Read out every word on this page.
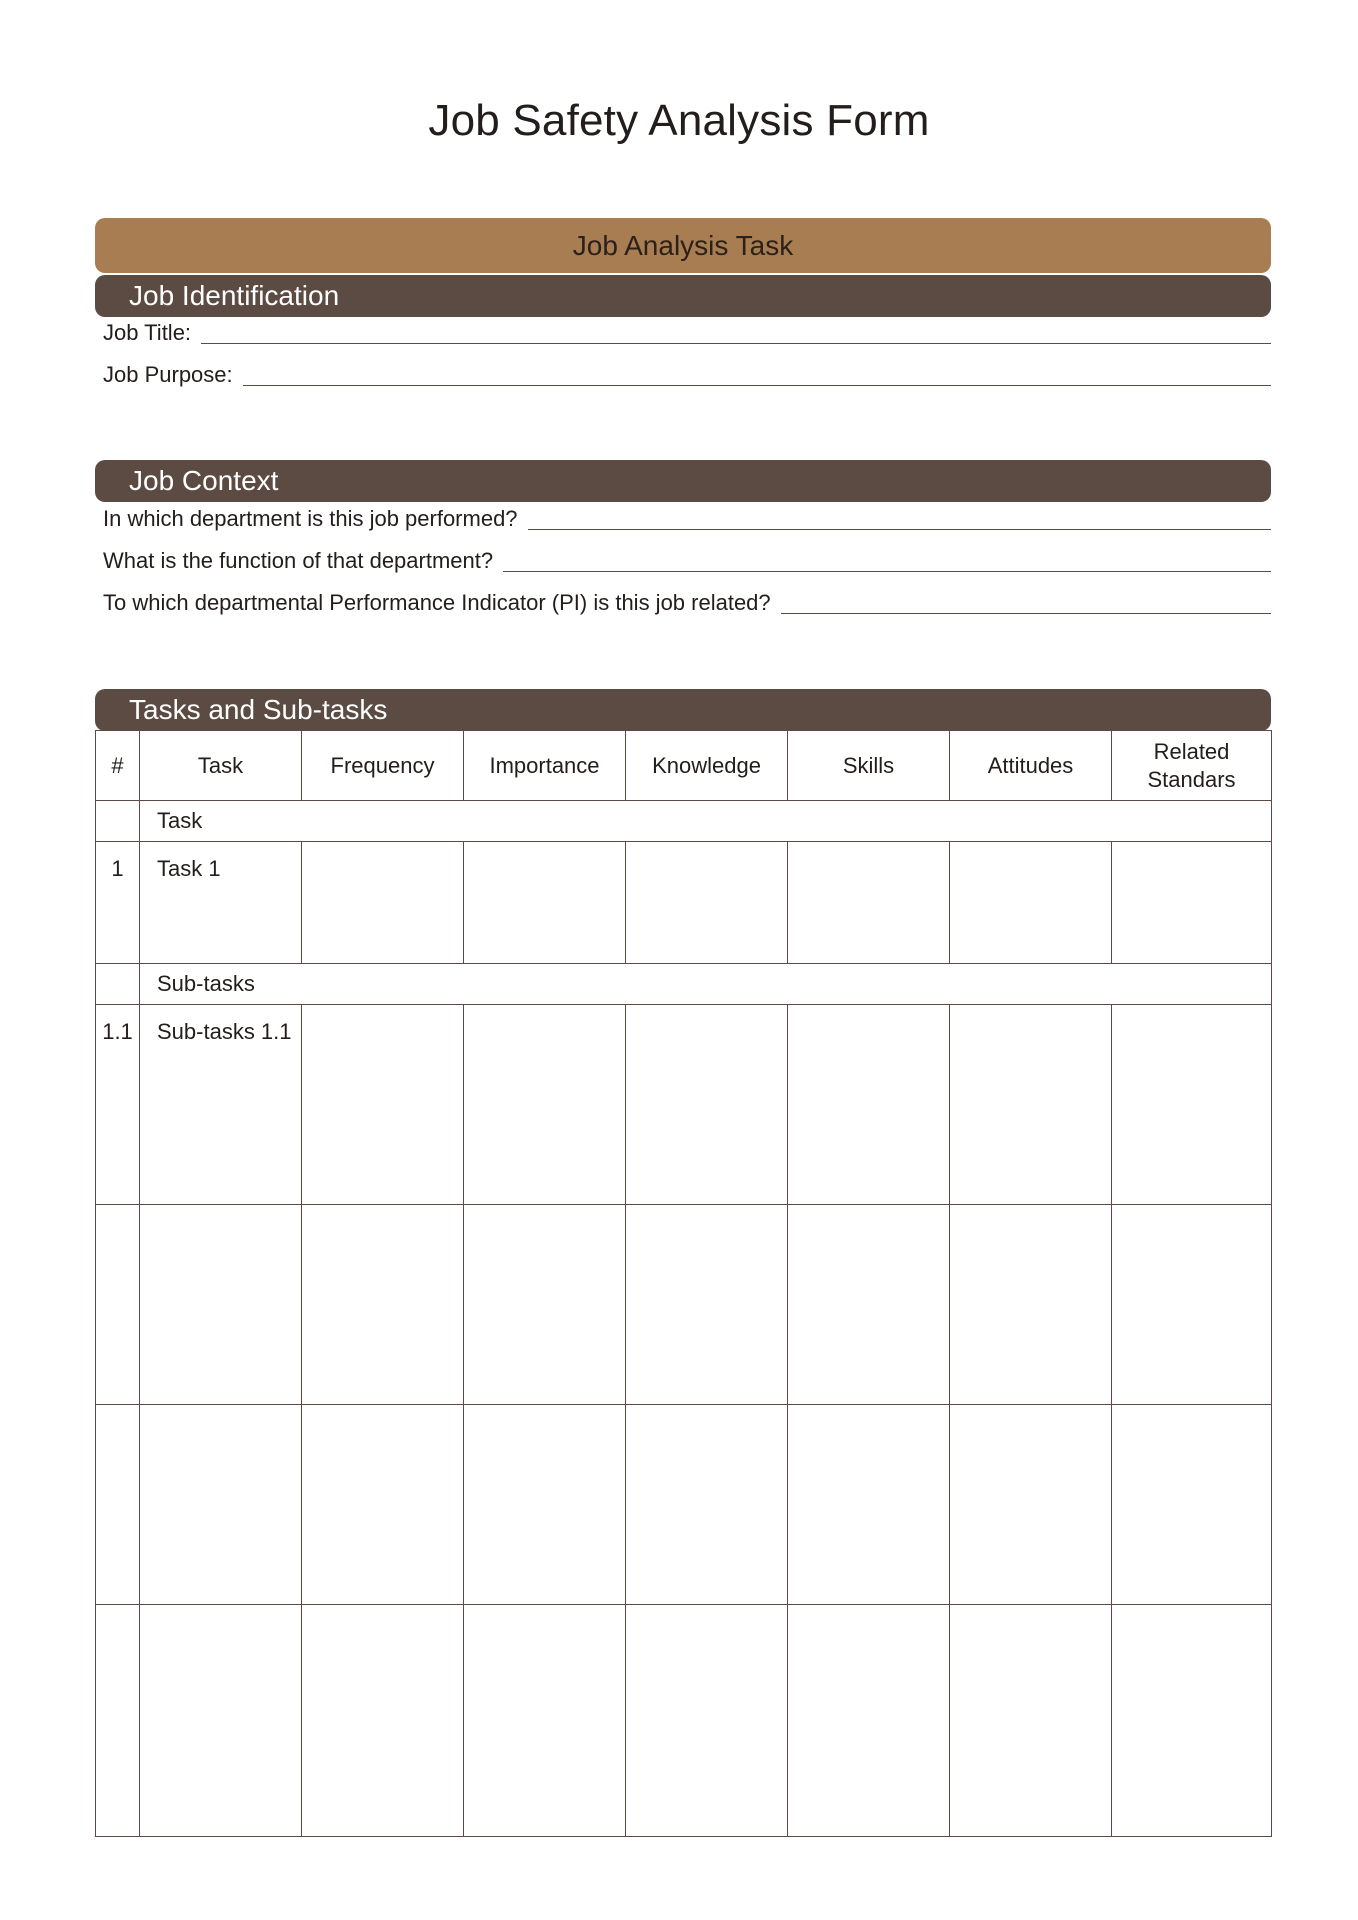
Job Safety Analysis Form
Job Analysis Task
Job Identification
Job Title:
Job Purpose:
Job Context
In which department is this job performed?
What is the function of that department?
To which departmental Performance Indicator (PI) is this job related?
Tasks and Sub-tasks
#	Task	Frequency	Importance	Knowledge	Skills	Attitudes	Related
Standars
	Task						
1	Task 1						
	Sub-tasks						
1.1	Sub-tasks 1.1						
